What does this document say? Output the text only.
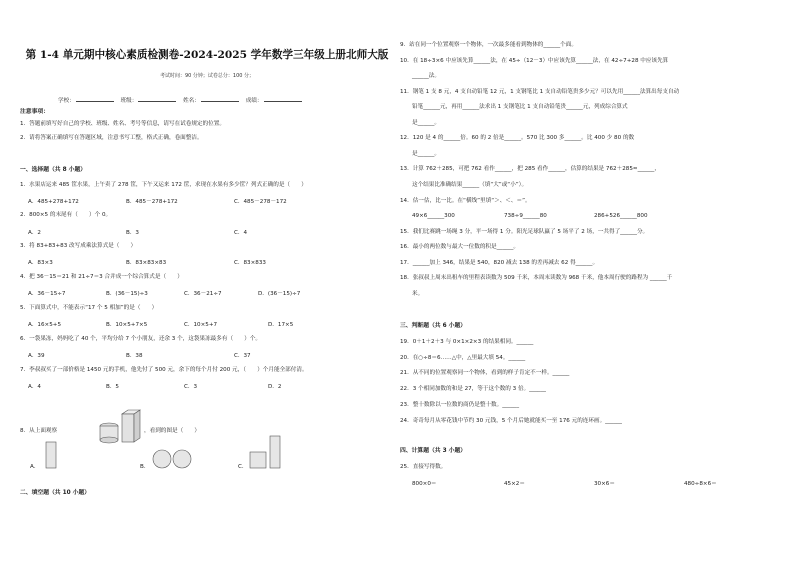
第 1-4 单元期中核心素质检测卷-2024-2025 学年数学三年级上册北师大版
考试时间：90 分钟；试卷总分：100 分；
学校：	班级：	姓名：	成绩：
注意事项：
1．答题前填写好自己的学校、班级、姓名、考号等信息，请写在试卷规定的位置。
2．请将答案正确填写在答题区域，注意书写工整，格式正确，卷面整洁。
一、选择题（共 8 小题）
1．水果店运来 485 筐水果，上午卖了 278 筐，下午又运来 172 筐，求现在水果有多少筐？列式正确的是（　　）
A．485+278+172	B．485－278+172	C．485－278－172
2．800×5 的末尾有（　　）个 0。
A．2	B．3	C．4
3．将 83+83+83 改写成乘法算式是（　　）
A．83×3	B．83×83×83	C．83×833
4．把 36－15＝21 和 21÷7＝3 合并成一个综合算式是（　　）
A．36－15÷7	B．(36－15)÷3	C．36－21÷7	D．(36－15)÷7
5．下面算式中，不能表示“17 个 5 相加”的是（　　）
A．16×5+5	B．10×5+7×5	C．10×5+7	D．17×5
6．一袋果冻，妈妈吃了 40 个，平均分给 7 个小朋友，还余 3 个，这袋果冻最多有（　　）个。
A．39	B．38	C．37
7．李叔叔买了一部价格是 1450 元的手机，他先付了 500 元，余下的每个月付 200 元，（　　）个月能全部付清。
A．4	B．5	C．3	D．2
8．从上面观察	，看到的图是（　　）
A．	B．	C．
二、填空题（共 10 小题）
9．站在同一个位置观察一个物体，一次最多能看到物体的______个面。
10．在 18÷3×6 中应该先算______法，在 45÷（12－3）中应该先算______法，在 42÷7+28 中应该先算
______法。
11．钢笔 1 支 8 元，4 支自动铅笔 12 元，1 支钢笔比 1 支自动铅笔贵多少元？可以先用______法算出每支自动
铅笔______元，再用______法求出 1 支钢笔比 1 支自动铅笔贵______元，列成综合算式
是______。
12．120 是 4 的______倍。60 的 2 倍是______。570 比 300 多______。比 400 少 80 的数
是______。
13．计算 762＋285，可把 762 看作______，把 285 看作______，估算的结果是 762＋285≈______，
这个结果比准确结果______（填“大”或“小”）。
14．估一估，比一比。在“横线”里填“＞、＜、＝”。
49×6______300	738÷9______80	286+526______800
15．我们比赛跳一场绳 3 分，平一场得 1 分。阳光足球队赢了 5 场平了 2 场，一共得了______分。
16．最小的两位数与最大一位数的积是______。
17．______加上 346，结果是 540，820 减去 138 的差再减去 62 得______。
18．张叔叔上周末出租车的里程表读数为 509 千米，本周末读数为 968 千米，他本周行驶的路程为 ______千
米。
三、判断题（共 6 小题）
19．0＋1＋2＋3 与 0×1×2×3 的结果相同。______
20．在○÷8＝6……△中，△里最大填 54。______
21．从不同的位置观察同一个物体，看到的样子肯定不一样。______
22．3 个相同加数的和是 27，等于这个数的 3 倍。______
23．整十数除以一位数的商仍是整十数。______
24．奇奇每月从零花钱中节约 30 元钱，5 个月后她就能买一至 176 元的连环画。______
四、计算题（共 3 小题）
25．直接写得数。
800×0＝	45×2＝	30×6＝	480÷8×6＝
